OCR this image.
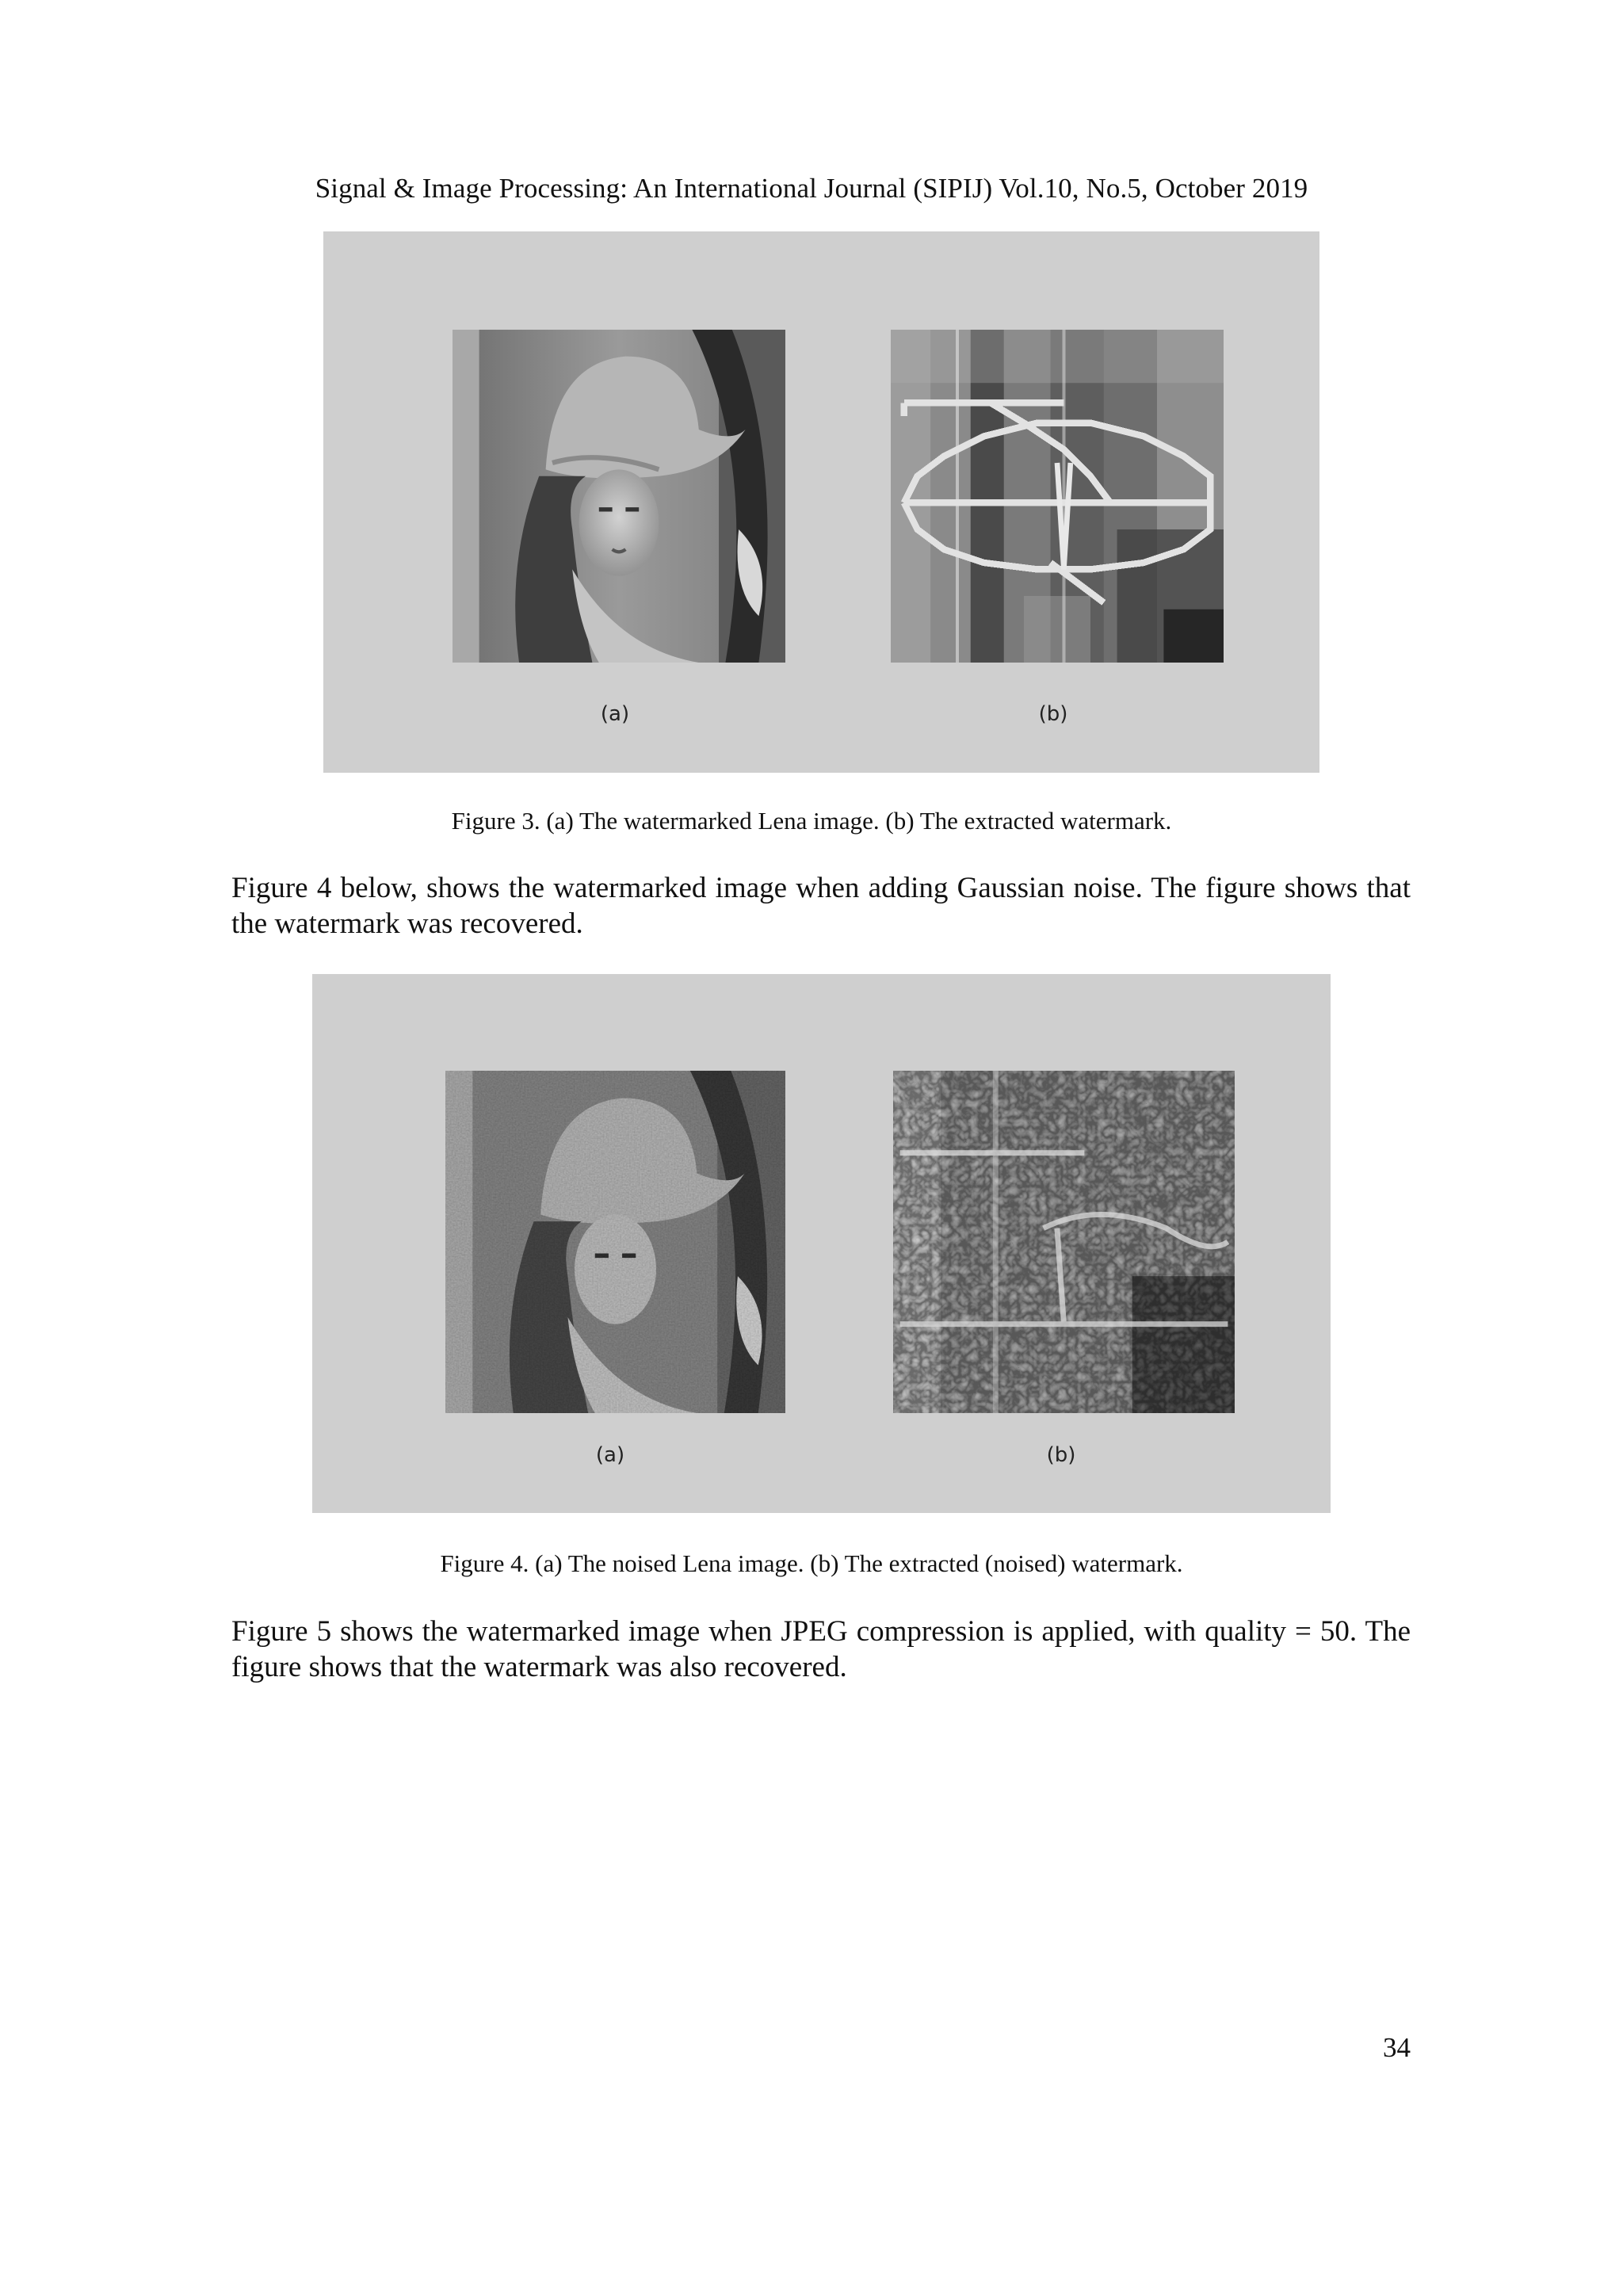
Signal & Image Processing: An International Journal (SIPIJ) Vol.10, No.5, October 2019
(a)	(b)
Figure 3. (a) The watermarked Lena image. (b) The extracted watermark.
Figure 4 below, shows the watermarked image when adding Gaussian noise. The figure shows that the watermark was recovered.
(a)	(b)
Figure 4. (a) The noised Lena image. (b) The extracted (noised) watermark.
Figure 5 shows the watermarked image when JPEG compression is applied, with quality = 50. The figure shows that the watermark was also recovered.
34
